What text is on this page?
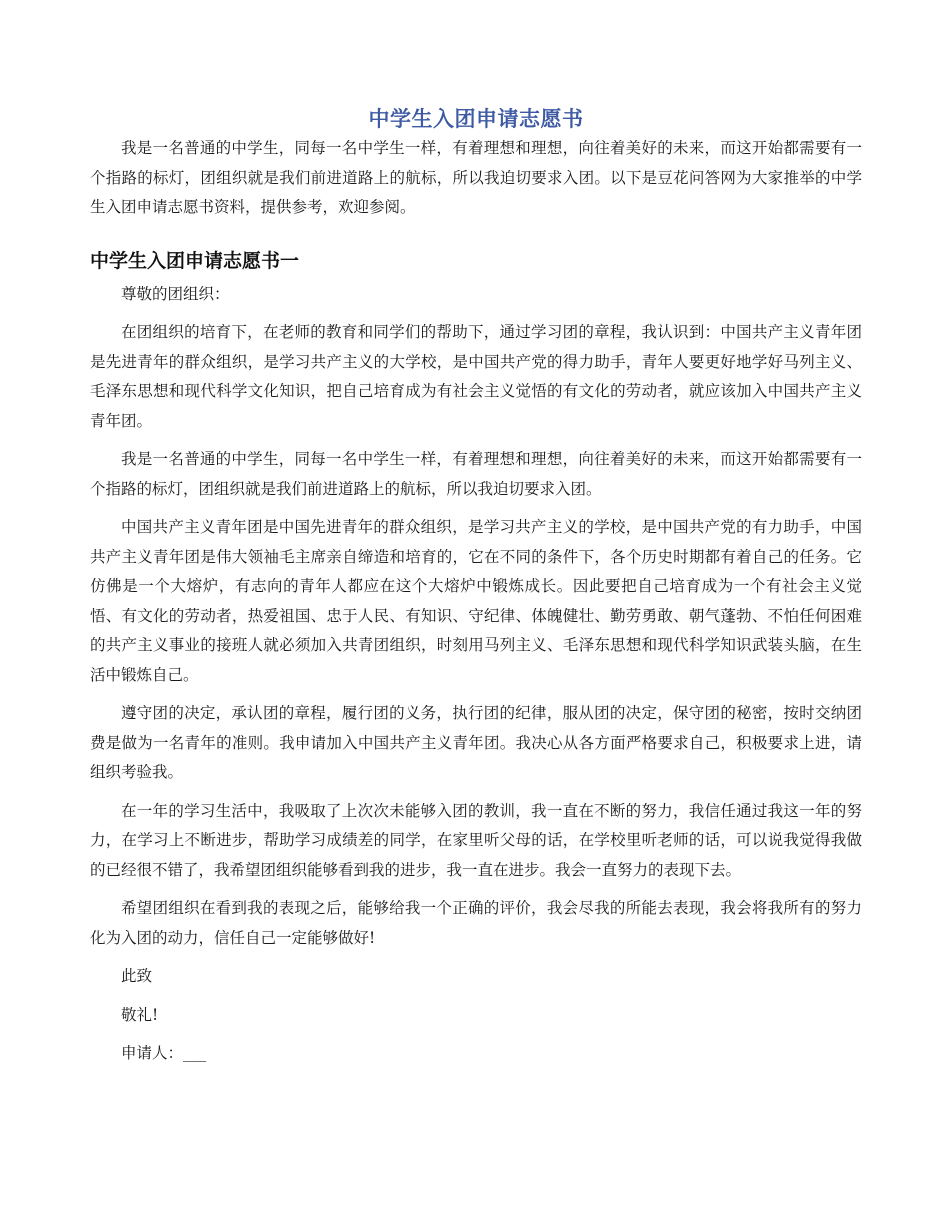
中学生入团申请志愿书

我是一名普通的中学生，同每一名中学生一样，有着理想和理想，向往着美好的未来，而这开始都需要有一个指路的标灯，团组织就是我们前进道路上的航标，所以我迫切要求入团。以下是豆花问答网为大家推举的中学生入团申请志愿书资料，提供参考，欢迎参阅。

中学生入团申请志愿书一

尊敬的团组织：

在团组织的培育下，在老师的教育和同学们的帮助下，通过学习团的章程，我认识到：中国共产主义青年团是先进青年的群众组织，是学习共产主义的大学校，是中国共产党的得力助手，青年人要更好地学好马列主义、毛泽东思想和现代科学文化知识，把自己培育成为有社会主义觉悟的有文化的劳动者，就应该加入中国共产主义青年团。

我是一名普通的中学生，同每一名中学生一样，有着理想和理想，向往着美好的未来，而这开始都需要有一个指路的标灯，团组织就是我们前进道路上的航标，所以我迫切要求入团。

中国共产主义青年团是中国先进青年的群众组织，是学习共产主义的学校，是中国共产党的有力助手，中国共产主义青年团是伟大领袖毛主席亲自缔造和培育的，它在不同的条件下，各个历史时期都有着自己的任务。它仿佛是一个大熔炉，有志向的青年人都应在这个大熔炉中锻炼成长。因此要把自己培育成为一个有社会主义觉悟、有文化的劳动者，热爱祖国、忠于人民、有知识、守纪律、体魄健壮、勤劳勇敢、朝气蓬勃、不怕任何困难的共产主义事业的接班人就必须加入共青团组织，时刻用马列主义、毛泽东思想和现代科学知识武装头脑，在生活中锻炼自己。

遵守团的决定，承认团的章程，履行团的义务，执行团的纪律，服从团的决定，保守团的秘密，按时交纳团费是做为一名青年的准则。我申请加入中国共产主义青年团。我决心从各方面严格要求自己，积极要求上进，请组织考验我。

在一年的学习生活中，我吸取了上次次未能够入团的教训，我一直在不断的努力，我信任通过我这一年的努力，在学习上不断进步，帮助学习成绩差的同学，在家里听父母的话，在学校里听老师的话，可以说我觉得我做的已经很不错了，我希望团组织能够看到我的进步，我一直在进步。我会一直努力的表现下去。

希望团组织在看到我的表现之后，能够给我一个正确的评价，我会尽我的所能去表现，我会将我所有的努力化为入团的动力，信任自己一定能够做好!

此致

敬礼!

申请人：___
